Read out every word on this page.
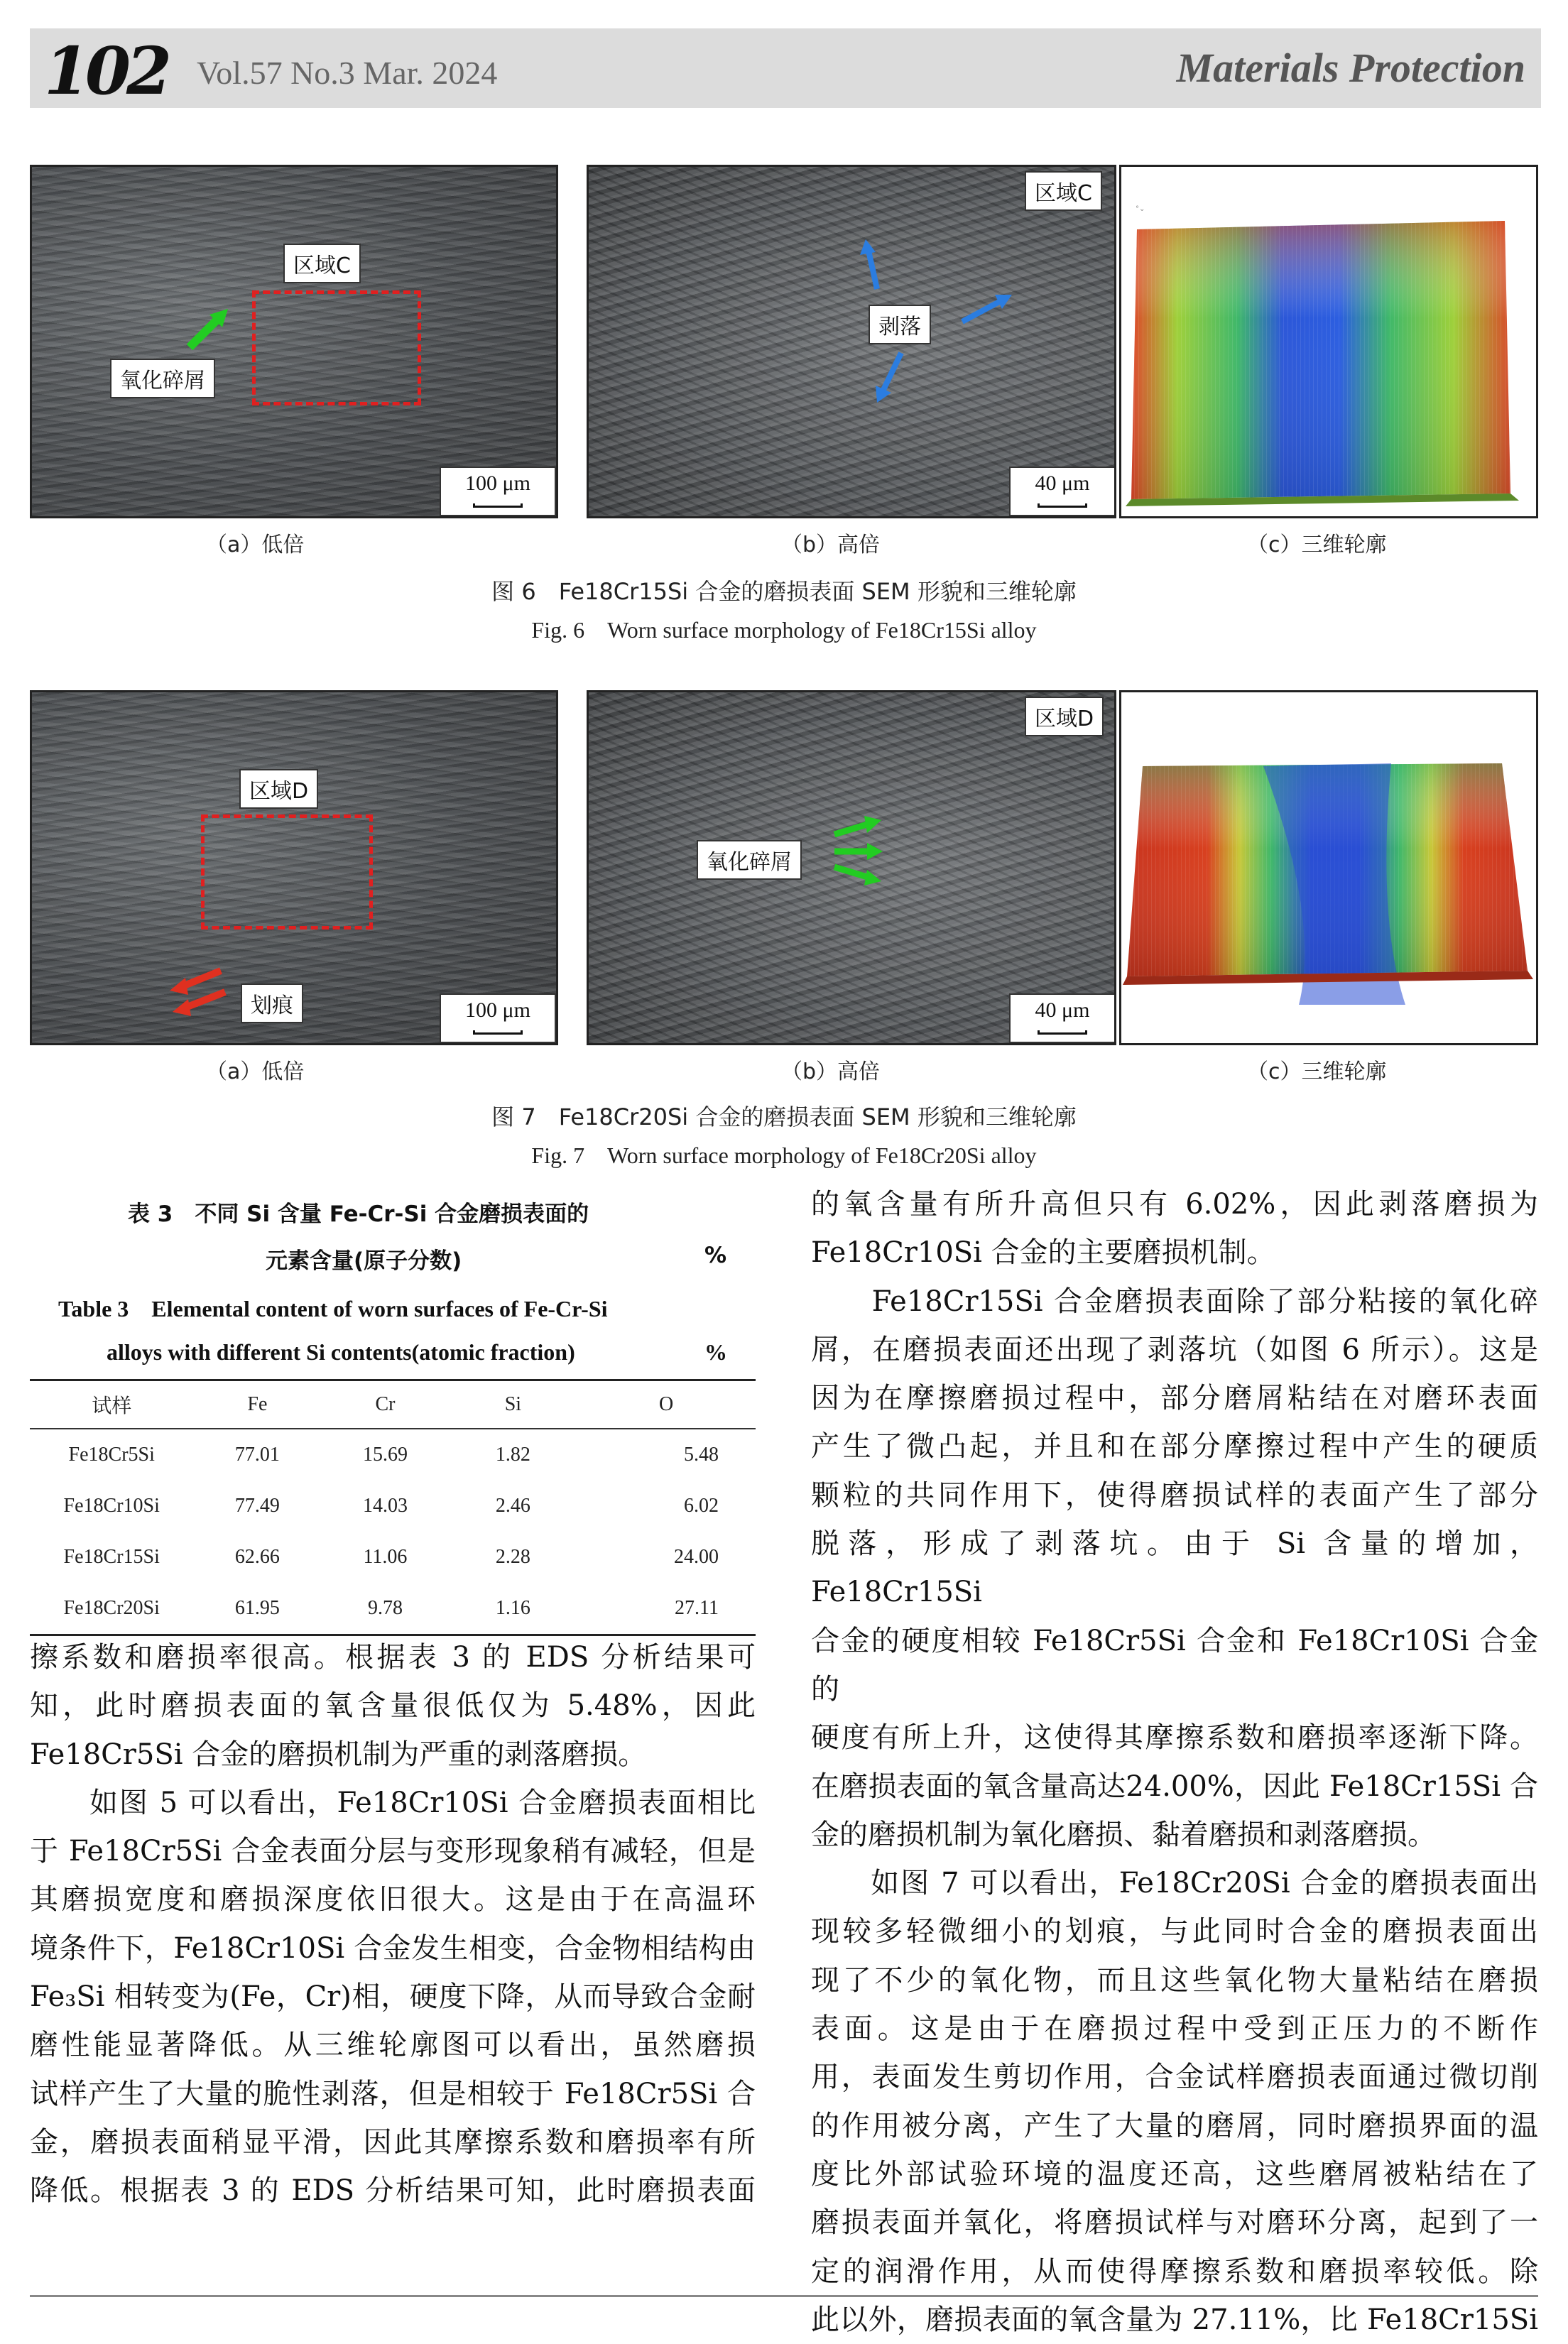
102 Vol.57 No.3 Mar. 2024	Materials Protection
区域C
氧化碎屑
100 μm
区域C
剥落
40 μm
°⌄
（a）低倍	（b）高倍	（c）三维轮廓
图 6　Fe18Cr15Si 合金的磨损表面 SEM 形貌和三维轮廓
Fig. 6　Worn surface morphology of Fe18Cr15Si alloy
区域D
划痕	100 μm
区域D
氧化碎屑
40 μm
（a）低倍	（b）高倍	（c）三维轮廓
图 7　Fe18Cr20Si 合金的磨损表面 SEM 形貌和三维轮廓
Fig. 7　Worn surface morphology of Fe18Cr20Si alloy
表 3　不同 Si 含量 Fe-Cr-Si 合金磨损表面的
元素含量(原子分数)	%
Table 3　Elemental content of worn surfaces of Fe-Cr-Si
alloys with different Si contents(atomic fraction)	%
试样	Fe	Cr	Si	O
Fe18Cr5Si	77.01	15.69	1.82	5.48
Fe18Cr10Si	77.49	14.03	2.46	6.02
Fe18Cr15Si	62.66	11.06	2.28	24.00
Fe18Cr20Si	61.95	9.78	1.16	27.11
擦系数和磨损率很高。根据表 3 的 EDS 分析结果可
知，此时磨损表面的氧含量很低仅为 5.48%，因此
Fe18Cr5Si 合金的磨损机制为严重的剥落磨损。
　　如图 5 可以看出，Fe18Cr10Si 合金磨损表面相比
于 Fe18Cr5Si 合金表面分层与变形现象稍有减轻，但是
其磨损宽度和磨损深度依旧很大。这是由于在高温环
境条件下，Fe18Cr10Si 合金发生相变，合金物相结构由
Fe₃Si 相转变为(Fe，Cr)相，硬度下降，从而导致合金耐
磨性能显著降低。从三维轮廓图可以看出，虽然磨损
试样产生了大量的脆性剥落，但是相较于 Fe18Cr5Si 合
金，磨损表面稍显平滑，因此其摩擦系数和磨损率有所
降低。根据表 3 的 EDS 分析结果可知，此时磨损表面
的氧含量有所升高但只有 6.02%，因此剥落磨损为
Fe18Cr10Si 合金的主要磨损机制。
　　Fe18Cr15Si 合金磨损表面除了部分粘接的氧化碎
屑，在磨损表面还出现了剥落坑（如图 6 所示）。这是
因为在摩擦磨损过程中，部分磨屑粘结在对磨环表面
产生了微凸起，并且和在部分摩擦过程中产生的硬质
颗粒的共同作用下，使得磨损试样的表面产生了部分
脱落，形成了剥落坑。由于 Si 含量的增加，Fe18Cr15Si
合金的硬度相较 Fe18Cr5Si 合金和 Fe18Cr10Si 合金的
硬度有所上升，这使得其摩擦系数和磨损率逐渐下降。
在磨损表面的氧含量高达24.00%，因此 Fe18Cr15Si 合
金的磨损机制为氧化磨损、黏着磨损和剥落磨损。
　　如图 7 可以看出，Fe18Cr20Si 合金的磨损表面出
现较多轻微细小的划痕，与此同时合金的磨损表面出
现了不少的氧化物，而且这些氧化物大量粘结在磨损
表面。这是由于在磨损过程中受到正压力的不断作
用，表面发生剪切作用，合金试样磨损表面通过微切削
的作用被分离，产生了大量的磨屑，同时磨损界面的温
度比外部试验环境的温度还高，这些磨屑被粘结在了
磨损表面并氧化，将磨损试样与对磨环分离，起到了一
定的润滑作用，从而使得摩擦系数和磨损率较低。除
此以外，磨损表面的氧含量为 27.11%，比 Fe18Cr15Si
